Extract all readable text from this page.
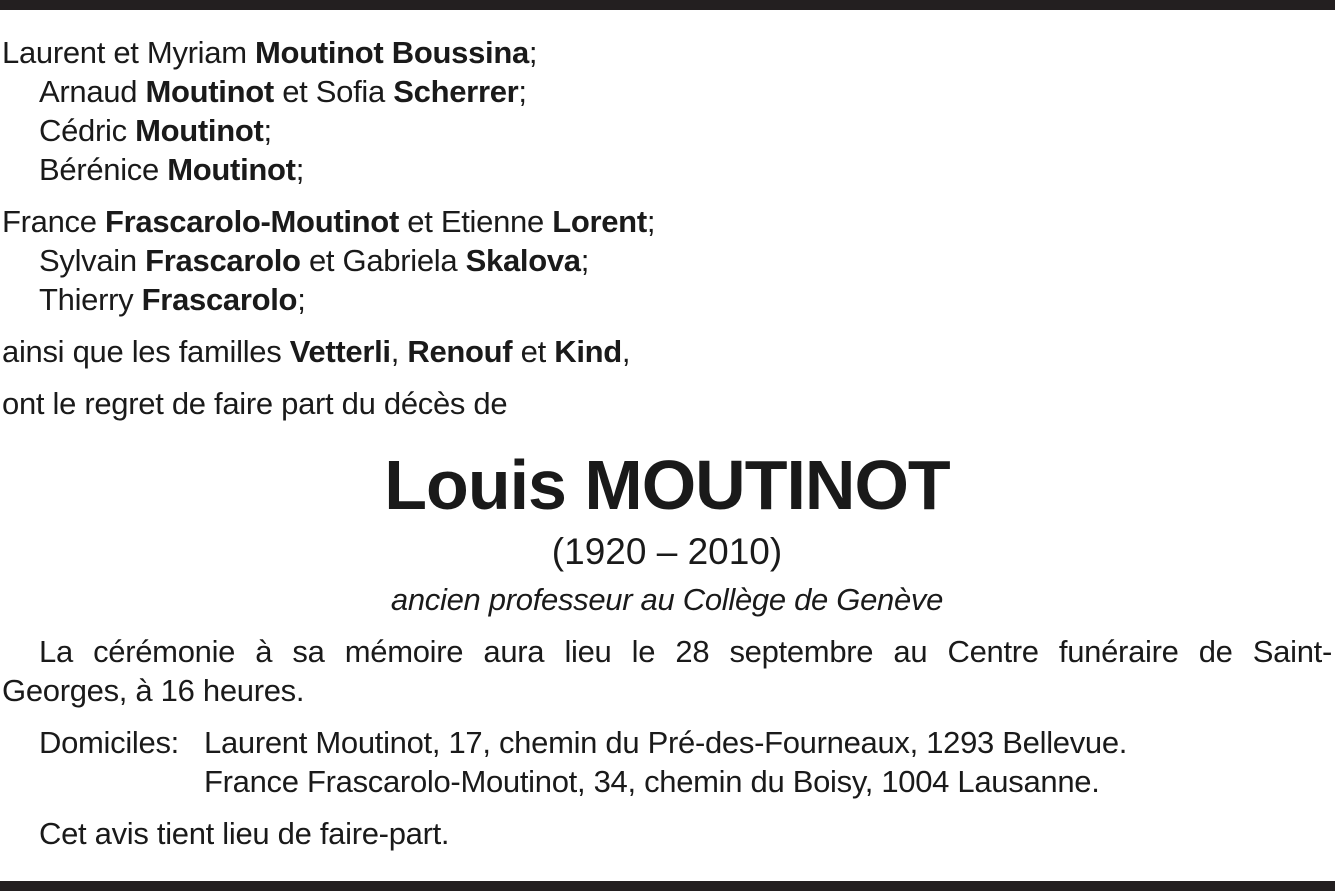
Laurent et Myriam Moutinot Boussina;
Arnaud Moutinot et Sofia Scherrer;
Cédric Moutinot;
Bérénice Moutinot;
France Frascarolo-Moutinot et Etienne Lorent;
Sylvain Frascarolo et Gabriela Skalova;
Thierry Frascarolo;
ainsi que les familles Vetterli, Renouf et Kind,
ont le regret de faire part du décès de
Louis MOUTINOT
(1920 – 2010)
ancien professeur au Collège de Genève
La cérémonie à sa mémoire aura lieu le 28 septembre au Centre funéraire de Saint-
Georges, à 16 heures.
Domiciles: Laurent Moutinot, 17, chemin du Pré-des-Fourneaux, 1293 Bellevue.
France Frascarolo-Moutinot, 34, chemin du Boisy, 1004 Lausanne.
Cet avis tient lieu de faire-part.
